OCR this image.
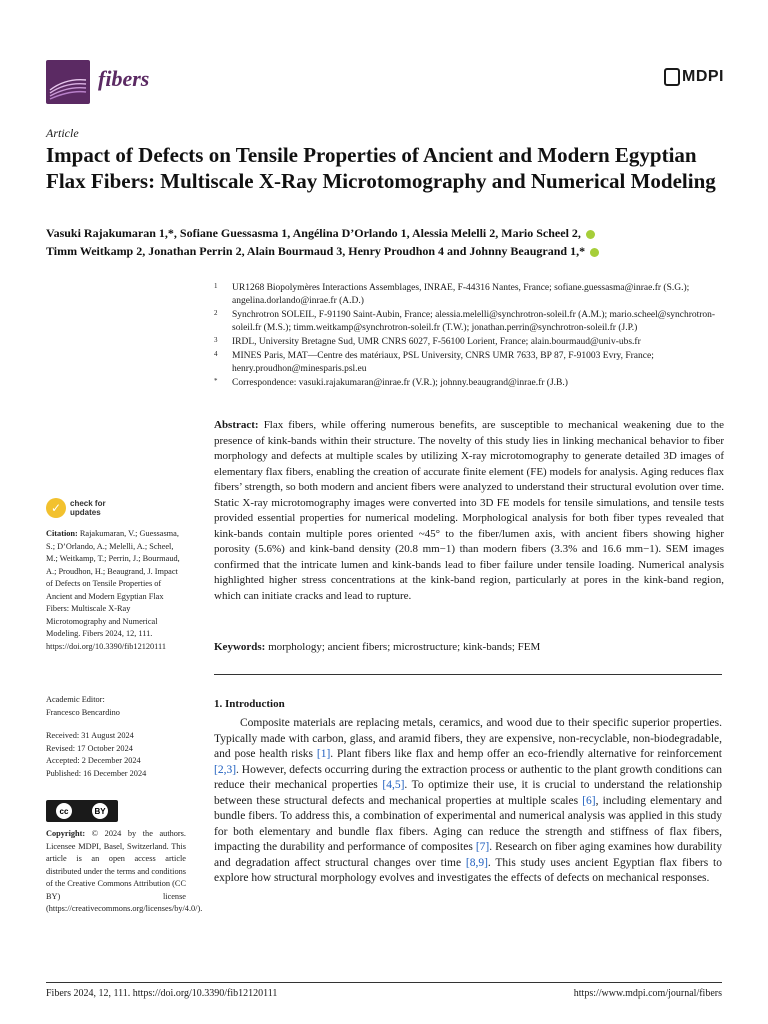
fibers	MDPI
Article
Impact of Defects on Tensile Properties of Ancient and Modern Egyptian Flax Fibers: Multiscale X-Ray Microtomography and Numerical Modeling
Vasuki Rajakumaran 1,*, Sofiane Guessasma 1, Angélina D’Orlando 1, Alessia Melelli 2, Mario Scheel 2,
Timm Weitkamp 2, Jonathan Perrin 2, Alain Bourmaud 3, Henry Proudhon 4 and Johnny Beaugrand 1,*
1 UR1268 Biopolymères Interactions Assemblages, INRAE, F-44316 Nantes, France; sofiane.guessasma@inrae.fr (S.G.); angelina.dorlando@inrae.fr (A.D.)
2 Synchrotron SOLEIL, F-91190 Saint-Aubin, France; alessia.melelli@synchrotron-soleil.fr (A.M.); mario.scheel@synchrotron-soleil.fr (M.S.); timm.weitkamp@synchrotron-soleil.fr (T.W.); jonathan.perrin@synchrotron-soleil.fr (J.P.)
3 IRDL, University Bretagne Sud, UMR CNRS 6027, F-56100 Lorient, France; alain.bourmaud@univ-ubs.fr
4 MINES Paris, MAT—Centre des matériaux, PSL University, CNRS UMR 7633, BP 87, F-91003 Evry, France; henry.proudhon@minesparis.psl.eu
* Correspondence: vasuki.rajakumaran@inrae.fr (V.R.); johnny.beaugrand@inrae.fr (J.B.)
Abstract: Flax fibers, while offering numerous benefits, are susceptible to mechanical weakening due to the presence of kink-bands within their structure. The novelty of this study lies in linking mechanical behavior to fiber morphology and defects at multiple scales by utilizing X-ray microtomography to generate detailed 3D images of elementary flax fibers, enabling the creation of accurate finite element (FE) models for analysis. Aging reduces flax fibers’ strength, so both modern and ancient fibers were analyzed to understand their structural evolution over time. Static X-ray microtomography images were converted into 3D FE models for tensile simulations, and tensile tests provided essential properties for numerical modeling. Morphological analysis for both fiber types revealed that kink-bands contain multiple pores oriented ~45° to the fiber/lumen axis, with ancient fibers showing higher porosity (5.6%) and kink-band density (20.8 mm−1) than modern fibers (3.3% and 16.6 mm−1). SEM images confirmed that the intricate lumen and kink-bands lead to fiber failure under tensile loading. Numerical analysis highlighted higher stress concentrations at the kink-band region, particularly at pores in the kink-band region, which can initiate cracks and lead to rupture.
Keywords: morphology; ancient fibers; microstructure; kink-bands; FEM
1. Introduction
Composite materials are replacing metals, ceramics, and wood due to their specific superior properties. Typically made with carbon, glass, and aramid fibers, they are expensive, non-recyclable, non-biodegradable, and pose health risks [1]. Plant fibers like flax and hemp offer an eco-friendly alternative for reinforcement [2,3]. However, defects occurring during the extraction process or authentic to the plant growth conditions can reduce their mechanical properties [4,5]. To optimize their use, it is crucial to understand the relationship between these structural defects and mechanical properties at multiple scales [6], including elementary and bundle fibers. To address this, a combination of experimental and numerical analysis was applied in this study for both elementary and bundle flax fibers. Aging can reduce the strength and stiffness of flax fibers, impacting the durability and performance of composites [7]. Research on fiber aging examines how durability and degradation affect structural changes over time [8,9]. This study uses ancient Egyptian flax fibers to explore how structural morphology evolves and investigates the effects of defects on mechanical responses.
✓	check for
updates
Citation: Rajakumaran, V.; Guessasma, S.; D’Orlando, A.; Melelli, A.; Scheel, M.; Weitkamp, T.; Perrin, J.; Bourmaud, A.; Proudhon, H.; Beaugrand, J. Impact of Defects on Tensile Properties of Ancient and Modern Egyptian Flax Fibers: Multiscale X-Ray Microtomography and Numerical Modeling. Fibers 2024, 12, 111. https://doi.org/10.3390/fib12120111
Academic Editor:
Francesco Bencardino
Received: 31 August 2024
Revised: 17 October 2024
Accepted: 2 December 2024
Published: 16 December 2024
cc	BY
Copyright: © 2024 by the authors. Licensee MDPI, Basel, Switzerland. This article is an open access article distributed under the terms and conditions of the Creative Commons Attribution (CC BY) license (https://creativecommons.org/licenses/by/4.0/).
Fibers 2024, 12, 111. https://doi.org/10.3390/fib12120111	https://www.mdpi.com/journal/fibers
